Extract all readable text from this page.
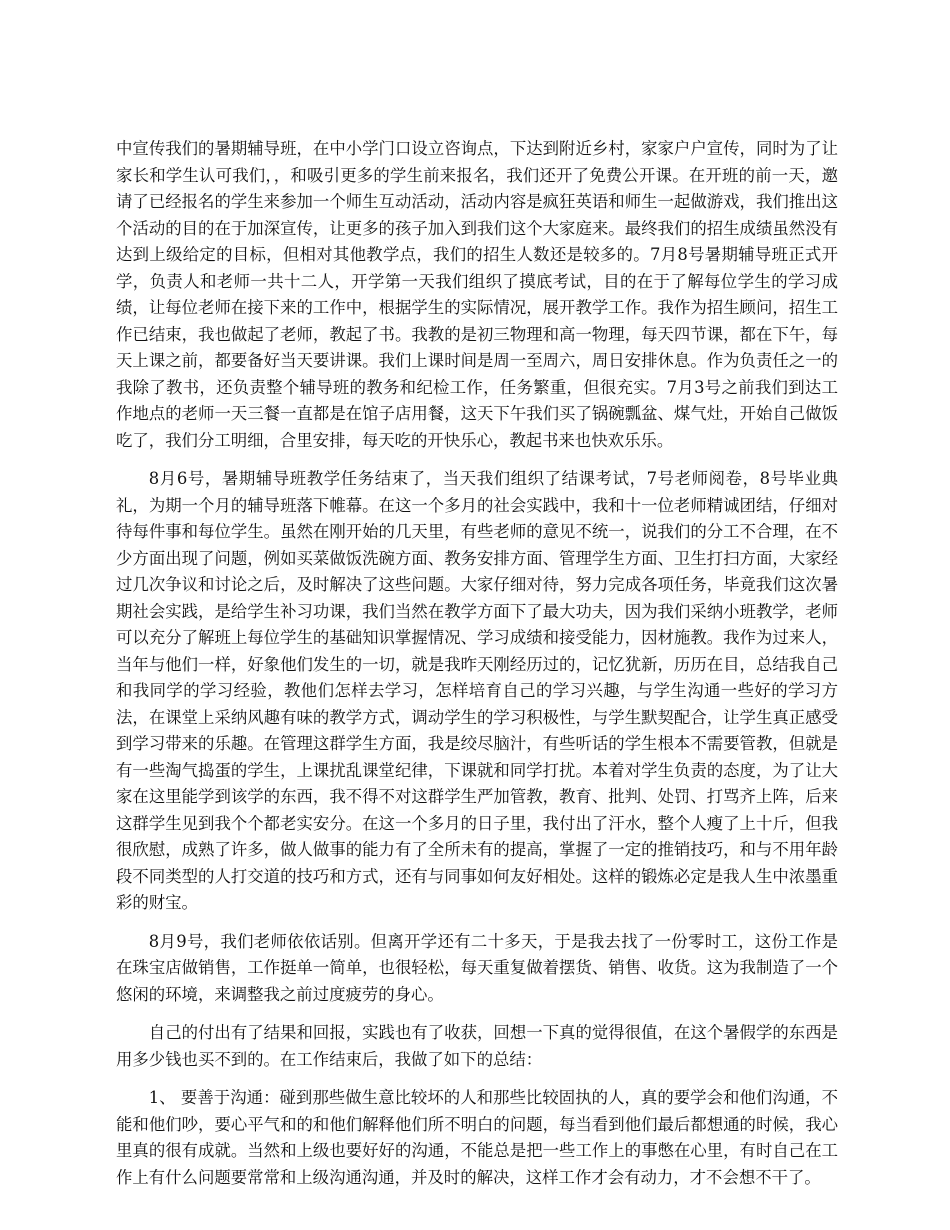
中宣传我们的暑期辅导班，在中小学门口设立咨询点，下达到附近乡村，家家户户宣传，同时为了让家长和学生认可我们，，和吸引更多的学生前来报名，我们还开了免费公开课。在开班的前一天，邀请了已经报名的学生来参加一个师生互动活动，活动内容是疯狂英语和师生一起做游戏，我们推出这个活动的目的在于加深宣传，让更多的孩子加入到我们这个大家庭来。最终我们的招生成绩虽然没有达到上级给定的目标，但相对其他教学点，我们的招生人数还是较多的。7月8号暑期辅导班正式开学，负责人和老师一共十二人，开学第一天我们组织了摸底考试，目的在于了解每位学生的学习成绩，让每位老师在接下来的工作中，根据学生的实际情况，展开教学工作。我作为招生顾问，招生工作已结束，我也做起了老师，教起了书。我教的是初三物理和高一物理，每天四节课，都在下午，每天上课之前，都要备好当天要讲课。我们上课时间是周一至周六，周日安排休息。作为负责任之一的我除了教书，还负责整个辅导班的教务和纪检工作，任务繁重，但很充实。7月3号之前我们到达工作地点的老师一天三餐一直都是在馆子店用餐，这天下午我们买了锅碗瓢盆、煤气灶，开始自己做饭吃了，我们分工明细，合里安排，每天吃的开快乐心，教起书来也快欢乐乐。

8月6号，暑期辅导班教学任务结束了，当天我们组织了结课考试，7号老师阅卷，8号毕业典礼，为期一个月的辅导班落下帷幕。在这一个多月的社会实践中，我和十一位老师精诚团结，仔细对待每件事和每位学生。虽然在刚开始的几天里，有些老师的意见不统一，说我们的分工不合理，在不少方面出现了问题，例如买菜做饭洗碗方面、教务安排方面、管理学生方面、卫生打扫方面，大家经过几次争议和讨论之后，及时解决了这些问题。大家仔细对待，努力完成各项任务，毕竟我们这次暑期社会实践，是给学生补习功课，我们当然在教学方面下了最大功夫，因为我们采纳小班教学，老师可以充分了解班上每位学生的基础知识掌握情况、学习成绩和接受能力，因材施教。我作为过来人，当年与他们一样，好象他们发生的一切，就是我昨天刚经历过的，记忆犹新，历历在目，总结我自己和我同学的学习经验，教他们怎样去学习，怎样培育自己的学习兴趣，与学生沟通一些好的学习方法，在课堂上采纳风趣有味的教学方式，调动学生的学习积极性，与学生默契配合，让学生真正感受到学习带来的乐趣。在管理这群学生方面，我是绞尽脑汁，有些听话的学生根本不需要管教，但就是有一些淘气捣蛋的学生，上课扰乱课堂纪律，下课就和同学打扰。本着对学生负责的态度，为了让大家在这里能学到该学的东西，我不得不对这群学生严加管教，教育、批判、处罚、打骂齐上阵，后来这群学生见到我个个都老实安分。在这一个多月的日子里，我付出了汗水，整个人瘦了上十斤，但我很欣慰，成熟了许多，做人做事的能力有了全所未有的提高，掌握了一定的推销技巧，和与不用年龄段不同类型的人打交道的技巧和方式，还有与同事如何友好相处。这样的锻炼必定是我人生中浓墨重彩的财宝。

8月9号，我们老师依依话别。但离开学还有二十多天，于是我去找了一份零时工，这份工作是在珠宝店做销售，工作挺单一简单，也很轻松，每天重复做着摆货、销售、收货。这为我制造了一个悠闲的环境，来调整我之前过度疲劳的身心。

自己的付出有了结果和回报，实践也有了收获，回想一下真的觉得很值，在这个暑假学的东西是用多少钱也买不到的。在工作结束后，我做了如下的总结：

1、 要善于沟通：碰到那些做生意比较坏的人和那些比较固执的人，真的要学会和他们沟通，不能和他们吵，要心平气和的和他们解释他们所不明白的问题，每当看到他们最后都想通的时候，我心里真的很有成就。当然和上级也要好好的沟通，不能总是把一些工作上的事憋在心里，有时自己在工作上有什么问题要常常和上级沟通沟通，并及时的解决，这样工作才会有动力，才不会想不干了。
